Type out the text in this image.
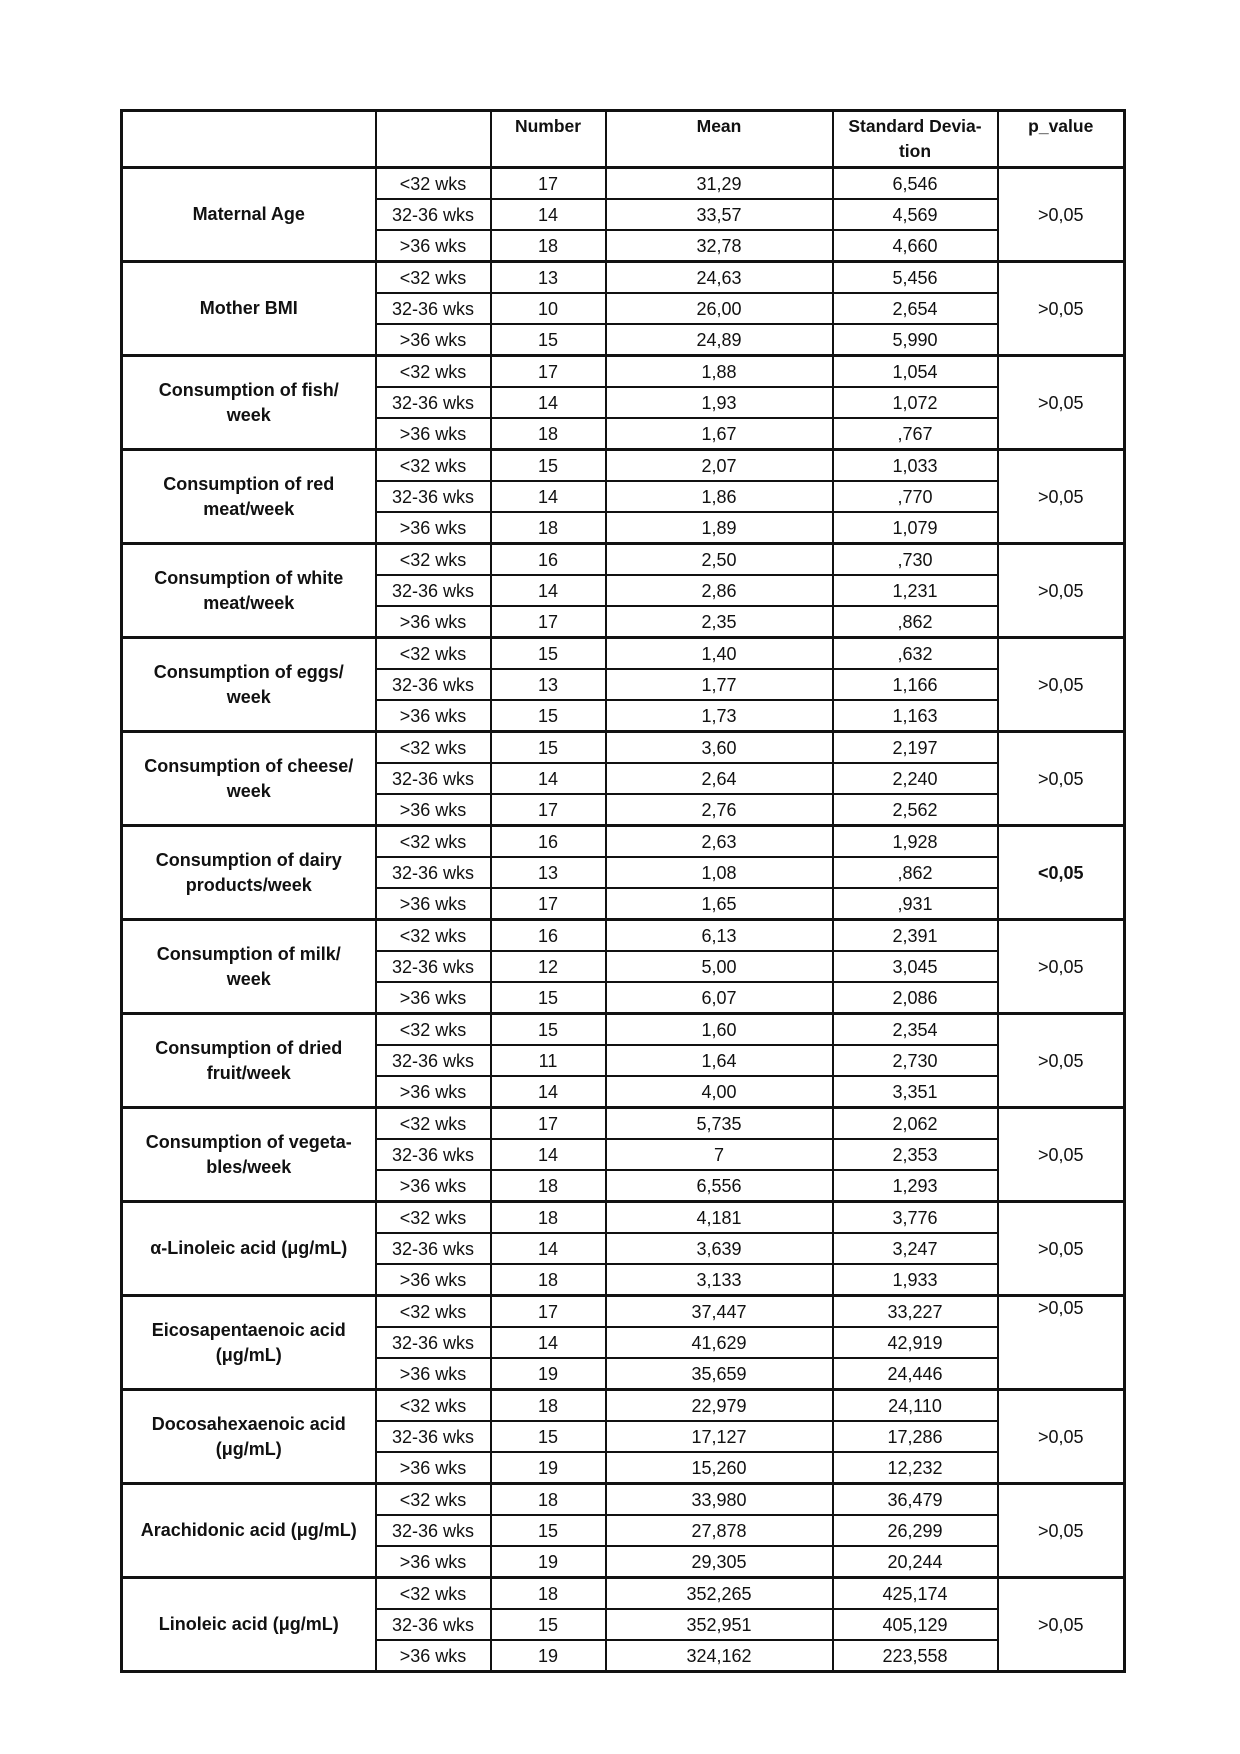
		Number	Mean	Standard Devia-
tion	p_value
Maternal Age	<32 wks	17	31,29	6,546	>0,05
	32-36 wks	14	33,57	4,569	
	>36 wks	18	32,78	4,660	
Mother BMI	<32 wks	13	24,63	5,456	>0,05
	32-36 wks	10	26,00	2,654	
	>36 wks	15	24,89	5,990	
Consumption of fish/
week	<32 wks	17	1,88	1,054	>0,05
	32-36 wks	14	1,93	1,072	
	>36 wks	18	1,67	,767	
Consumption of red
meat/week	<32 wks	15	2,07	1,033	>0,05
	32-36 wks	14	1,86	,770	
	>36 wks	18	1,89	1,079	
Consumption of white
meat/week	<32 wks	16	2,50	,730	>0,05
	32-36 wks	14	2,86	1,231	
	>36 wks	17	2,35	,862	
Consumption of eggs/
week	<32 wks	15	1,40	,632	>0,05
	32-36 wks	13	1,77	1,166	
	>36 wks	15	1,73	1,163	
Consumption of cheese/
week	<32 wks	15	3,60	2,197	>0,05
	32-36 wks	14	2,64	2,240	
	>36 wks	17	2,76	2,562	
Consumption of dairy
products/week	<32 wks	16	2,63	1,928	<0,05
	32-36 wks	13	1,08	,862	
	>36 wks	17	1,65	,931	
Consumption of milk/
week	<32 wks	16	6,13	2,391	>0,05
	32-36 wks	12	5,00	3,045	
	>36 wks	15	6,07	2,086	
Consumption of dried
fruit/week	<32 wks	15	1,60	2,354	>0,05
	32-36 wks	11	1,64	2,730	
	>36 wks	14	4,00	3,351	
Consumption of vegeta-
bles/week	<32 wks	17	5,735	2,062	>0,05
	32-36 wks	14	7	2,353	
	>36 wks	18	6,556	1,293	
α-Linoleic acid (μg/mL)	<32 wks	18	4,181	3,776	>0,05
	32-36 wks	14	3,639	3,247	
	>36 wks	18	3,133	1,933	
Eicosapentaenoic acid
(μg/mL)	<32 wks	17	37,447	33,227	>0,05
	32-36 wks	14	41,629	42,919	
	>36 wks	19	35,659	24,446	
Docosahexaenoic acid
(μg/mL)	<32 wks	18	22,979	24,110	>0,05
	32-36 wks	15	17,127	17,286	
	>36 wks	19	15,260	12,232	
Arachidonic acid (μg/mL)	<32 wks	18	33,980	36,479	>0,05
	32-36 wks	15	27,878	26,299	
	>36 wks	19	29,305	20,244	
Linoleic acid (μg/mL)	<32 wks	18	352,265	425,174	>0,05
	32-36 wks	15	352,951	405,129	
	>36 wks	19	324,162	223,558	
